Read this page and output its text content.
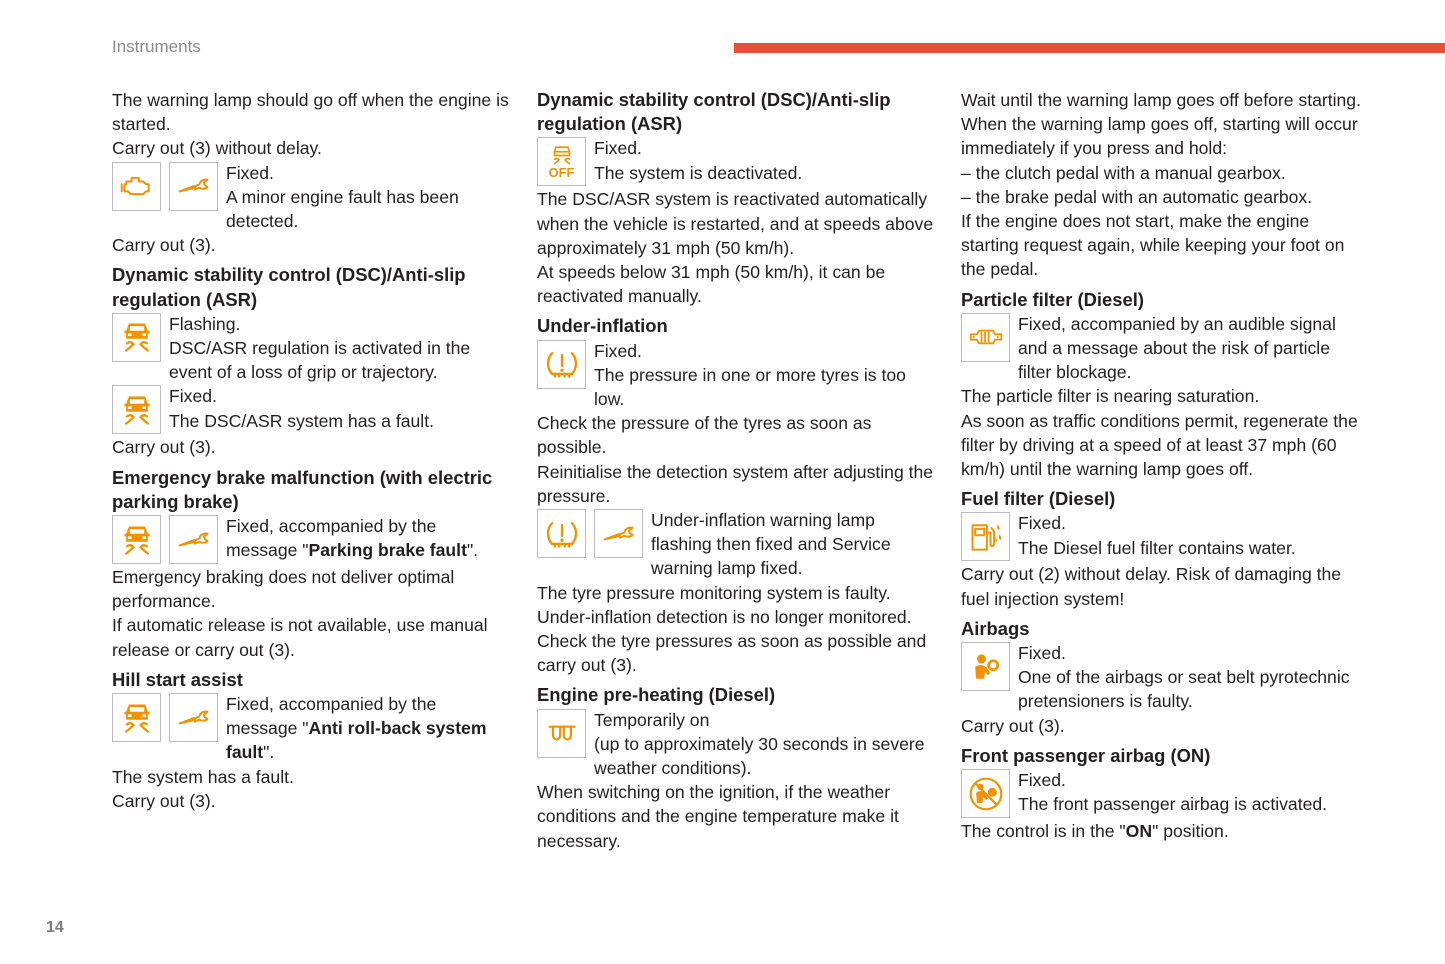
Instruments

The warning lamp should go off when the engine is started.

Carry out (3) without delay.

Fixed.
A minor engine fault has been detected.

Carry out (3).

Dynamic stability control (DSC)/Anti-slip regulation (ASR)
Flashing.
DSC/ASR regulation is activated in the event of a loss of grip or trajectory.
Fixed.
The DSC/ASR system has a fault.

Carry out (3).

Emergency brake malfunction (with electric parking brake)
Fixed, accompanied by the message "Parking brake fault".

Emergency braking does not deliver optimal performance.

If automatic release is not available, use manual release or carry out (3).

Hill start assist
Fixed, accompanied by the message "Anti roll-back system fault".

The system has a fault.

Carry out (3).

Dynamic stability control (DSC)/Anti-slip regulation (ASR)
OFF
Fixed.
The system is deactivated.

The DSC/ASR system is reactivated automatically when the vehicle is restarted, and at speeds above approximately 31 mph (50 km/h).

At speeds below 31 mph (50 km/h), it can be reactivated manually.

Under-inflation
Fixed.
The pressure in one or more tyres is too low.

Check the pressure of the tyres as soon as possible.

Reinitialise the detection system after adjusting the pressure.

Under-inflation warning lamp flashing then fixed and Service warning lamp fixed.

The tyre pressure monitoring system is faulty.

Under-inflation detection is no longer monitored.

Check the tyre pressures as soon as possible and carry out (3).

Engine pre-heating (Diesel)
Temporarily on
(up to approximately 30 seconds in severe weather conditions).

When switching on the ignition, if the weather conditions and the engine temperature make it necessary.

Wait until the warning lamp goes off before starting.

When the warning lamp goes off, starting will occur immediately if you press and hold:

– the clutch pedal with a manual gearbox.

– the brake pedal with an automatic gearbox.

If the engine does not start, make the engine starting request again, while keeping your foot on the pedal.

Particle filter (Diesel)
Fixed, accompanied by an audible signal and a message about the risk of particle filter blockage.

The particle filter is nearing saturation.

As soon as traffic conditions permit, regenerate the filter by driving at a speed of at least 37 mph (60 km/h) until the warning lamp goes off.

Fuel filter (Diesel)
Fixed.
The Diesel fuel filter contains water.

Carry out (2) without delay. Risk of damaging the fuel injection system!

Airbags
Fixed.
One of the airbags or seat belt pyrotechnic pretensioners is faulty.

Carry out (3).

Front passenger airbag (ON)
Fixed.
The front passenger airbag is activated.

The control is in the "ON" position.

14
